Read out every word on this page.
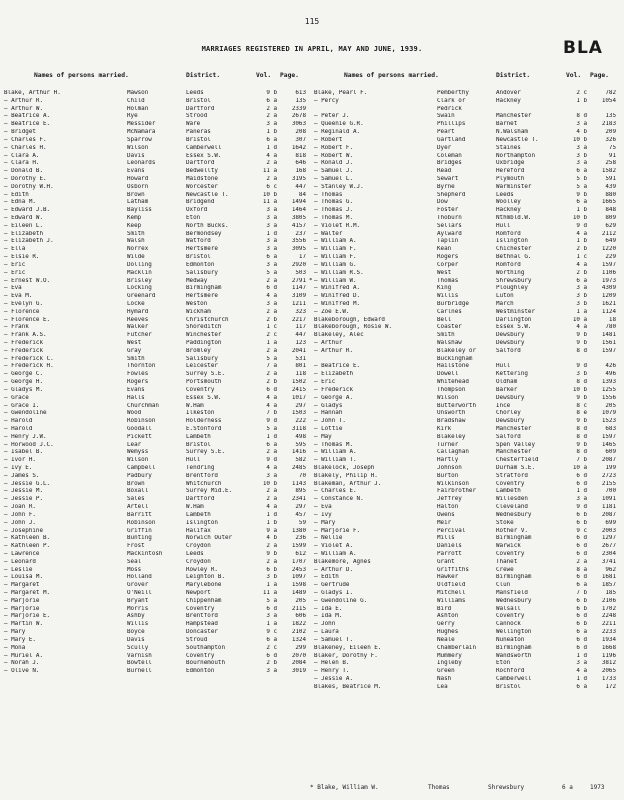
115
MARRIAGES REGISTERED IN APRIL, MAY AND JUNE, 1939.	BLA
Names of persons married.	District.	Vol. Page.
Blake, Arthur H.	Mawson	Leeds	9 b	613
— Arthur R.	Child	Bristol	6 a	135
— Arthur W.	Holman	Dartford	2 a	2339
— Beatrice A.	Rye	Strood	2 a	2678
— Beatrice E.	Messider	Ware	3 a	3063
— Bridget	McNamara	Paneras	1 b	208
— Charles F.	Sparrow	Bristol	6 a	307
— Charles H.	Wilson	Camberwell	1 d	1642
— Clara A.	Davis	Essex S.W.	4 a	818
— Clara H.	Leonards	Dartford	2 a	646
— Donald B.	Evans	Bedwellty	11 a	168
— Dorothy E.	Howard	Maidstone	2 a	3195
— Dorothy W.H.	Osborn	Worcester	6 c	447
— Edith	Brown	Newcastle T.	10 b	84
— Edna M.	Latham	Bridgend	11 a	1494
— Edward J.B.	Bayliss	Oxford	3 a	1464
— Edward W.	Kemp	Eton	3 a	3805
— Eileen L.	Keep	North Bucks.	3 a	4157
— Elizabeth	Smith	Bermondsey	1 d	237
— Elizabeth J.	Walsh	Watford	3 a	3556
— Ella	Norrex	Hertsmere	3 a	3095
— Elsie R.	Wilde	Bristol	6 a	17
— Eric	Dolling	Edmonton	3 a	2920
— Eric	Macklin	Salisbury	5 a	503
— Ernest W.O.	Brisley	Medway	2 a	2791
— Eva	Locking	Birmingham	6 d	1147
— Eva M.	Greenard	Hertsmere	4 a	3109
— Evelyn G.	Locke	Weston	3 a	1211
— Florence	Hymard	Wickham	2 a	323
— Florence E.	Reeves	Christchurch	2 b	2217
— Frank	Walker	Shoreditch	1 c	117
— Frank A.S.	Futcher	Winchester	2 c	447
— Frederick	West	Paddington	1 a	123
— Frederick	Gray	Bromley	2 a	2041
— Frederick C.	Smith	Salisbury	5 a	531
— Frederick H.	Thornton	Leicester	7 a	801
— George C.	Fowles	Surrey S.E.	2 a	118
— George H.	Rogers	Portsmouth	2 b	1502
— Gladys M.	Evans	Coventry	6 d	2415
— Grace	Halls	Essex S.W.	4 a	1017
— Grace I.	Churchman	W.Ham	4 a	297
— Gwendoline	Wood	Ilkeston	7 b	1503
— Harold	Robinson	Holderness	9 d	222
— Harold	Goodall	E.Stonford	5 a	3118
— Henry J.W.	Pickett	Lambeth	1 d	498
— Horwood J.C.	Lear	Bristol	6 a	595
— Isabel B.	Wemyss	Surrey S.E.	2 a	1416
— Ivor H.	Wilson	Hull	9 d	582
— Ivy E.	Campbell	Tendring	4 a	2485
— James S.	Padbury	Brentford	3 a	70
— Jessie G.L.	Brown	Whitchurch	10 b	1143
— Jessie M.	Boxall	Surrey Mid.E.	2 a	895
— Jessie P.	Sales	Dartford	2 a	2341
— Joan R.	Artell	W.Ham	4 a	297
— John F.	Barritt	Lambeth	1 d	457
— John J.	Robinson	Islington	1 b	59
— Josephine	Griffin	Halifax	9 a	1380
— Kathleen B.	Bunting	Norwich Outer	4 b	236
— Kathleen P.	Frost	Croydon	2 a	1599
— Lawrence	Mackintosh	Leeds	9 b	612
— Leonard	Seal	Croydon	2 a	1707
— Leslie	Moss	Rowley R.	6 b	2453
— Louisa M.	Holland	Leighton B.	3 b	1097
— Margaret	Grover	Marylebone	1 a	1598
— Margaret M.	O'Neill	Newport	11 a	1489
— Marjorie	Bryant	Chippenham	5 a	205
— Marjorie	Morris	Coventry	6 d	2115
— Marjorie E.	Ashby	Brentford	3 a	606
— Martin W.	Willis	Hampstead	1 a	1822
— Mary	Boyce	Doncaster	9 c	2102
— Mary E.	Davis	Stroud	6 a	1324
— Mona	Scully	Southampton	2 c	299
— Muriel A.	Varnish	Coventry	6 d	2070
— Norah J.	Bowtell	Bournemouth	2 b	2084
— Olive N.	Burnell	Edmonton	3 a	3019
Names of persons married.	District.	Vol. Page.
Blake, Pearl F.	Pemberthy	Andover	2 c	782
— Percy	Clark or	Hackney	1 b	1054
Pedrick
— Peter J.	Swain	Manchester	8 d	135
— Queenie G.R.	Phillips	Barnet	3 a	2183
— Reginald A.	Peart	N.Walsham	4 b	209
— Robert	Gartland	Newcastle T.	10 b	326
— Robert F.	Dyer	Staines	3 a	75
— Robert W.	Coleman	Northampton	3 b	91
— Ronald J.	Bridges	Uxbridge	3 a	258
— Samuel J.	Read	Hereford	6 a	1582
— Samuel L.	Sewart	Plymouth	5 b	591
— Stanley W.J.	Byrne	Warminster	5 a	439
— Thomas	Shepherd	Leeds	9 b	880
— Thomas G.	Dow	Woolley	6 a	1665
— Thomas J.	Foster	Hackney	1 b	848
— Thomas M.	Thoburn	Nthmbld.W.	10 b	809
— Violet R.M.	Sellars	Hull	9 d	629
— Walter	Aylward	Romford	4 a	2112
— William A.	Taplin	Islington	1 b	649
— William F.	Kean	Chichester	2 b	1220
— William F.	Rogers	Bethnal G.	1 c	229
— William G.	Corper	Romford	4 a	1597
— William R.S.	West	Worthing	2 b	1106
* — William W.	Thomas	Shrewsbury	6 a	1973
— Winifred A.	King	Ploughley	3 a	4309
— Winifred D.	Willis	Luton	3 b	1209
— Winifred M.	Burbridge	March	3 b	1621
— Zoe E.W.	Carlnes	Westminster	1 a	1124
Blakeborough, Edward	Bell	Darlington	10 a	18
Blakeborough, Rosie W.	Coaster	Essex S.W.	4 a	780
Blakeley, Alec	Smith	Dewsbury	9 b	1481
— Arthur	Walshaw	Dewsbury	9 b	1561
— Arthur R.	Blakeley or	Salford	8 d	1597
Buckingham
— Beatrice E.	Hailstone	Hull	9 d	426
— Elizabeth	Dowell	Kettering	3 b	496
— Eric	Whitehead	Oldham	8 d	1393
— Frederick	Thompson	Barker	10 b	1255
— George A.	Wilson	Dewsbury	9 b	1556
— Gladys	Butterworth	Ince	8 c	205
— Hannah	Unsworth	Chorley	8 e	1079
— John T.	Bradshaw	Dewsbury	9 b	1523
— Lottie	Kirk	Manchester	8 d	683
— May	Blakeley	Salford	8 d	1597
— Thomas M.	Turner	Spen Valley	9 b	1465
— William A.	Callaghan	Manchester	8 d	609
— William T.	Hartly	Chesterfield	7 b	2087
Blakelock, Joseph	Johnson	Durham S.E.	10 a	199
Blakely, Philip H.	Burton	Stratford	6 d	2723
Blakeman, Arthur J.	Wilkinson	Coventry	6 d	2155
— Charles E.	Fairbrother	Lambeth	1 d	700
— Constance N.	Jeffrey	Willesden	3 a	1091
— Eva	Halton	Cleveland	9 d	1181
— Ivy	Owens	Wednesbury	6 b	2087
— Mary	Meir	Stoke	6 b	699
— Marjorie F.	Percival	Rother V.	9 c	2003
— Nellie	Mills	Birmingham	6 d	1297
— Violet A.	Daniels	Warwick	6 d	2677
— William A.	Parrott	Coventry	6 d	2304
Blakemore, Agnes	Grant	Thanet	2 a	3741
— Arthur D.	Griffiths	Crewe	8 a	962
— Edith	Hawker	Birmingham	6 d	1681
— Gertrude	Oldfield	Clun	6 a	1857
— Gladys I.	Mitchell	Mansfield	7 b	185
— Gwendoline G.	Williams	Wednesbury	6 b	2106
— Ida E.	Bird	Walsall	6 b	1702
— Ida M.	Ashton	Coventry	6 d	2248
— John	Gerry	Cannock	6 b	2211
— Laura	Hughes	Wellington	6 a	2233
— Samuel T.	Neale	Nuneaton	6 d	1934
Blakeney, Eileen E.	Chamberlain	Birmingham	6 d	1668
Blaker, Dorothy F.	Mummery	Wandsworth	1 d	1196
— Helen B.	Ingleby	Eton	3 a	3812
— Henry T.	Green	Rochford	4 a	2065
— Jessie A.	Nash	Camberwell	1 d	1733
Blakes, Beatrice M.	Lea	Bristol	6 a	172
* Blake, William W.	Thomas	Shrewsbury	6 a	1973
